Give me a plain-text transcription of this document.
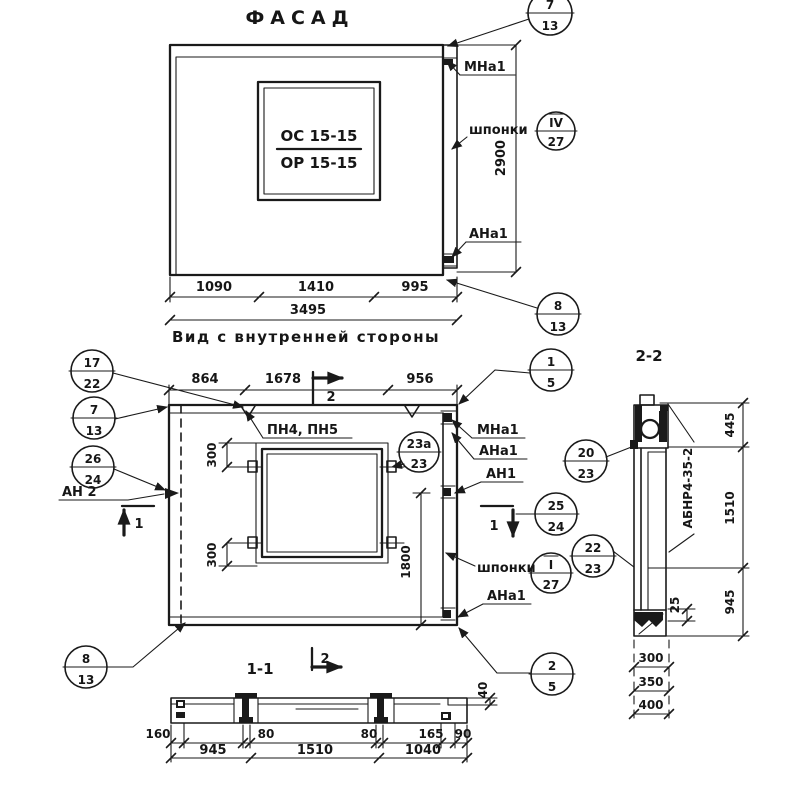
ФАСАД
ОС 15-15
ОР 15-15	2900
МНа1
шпонки IV
27
АНа1
7
13
8
13
1090	1410	995
3495
Вид с внутренней стороны
300
300	1800
864	1678	956
2
2
ПН4, ПН5
23а
23
17
22
7
13
26
24
АН 2
1
5
МНа1
АНа1
АН1
1	1
25
24
шпонки I
27
АНа1
20
23
22
23
2
5
8
13
1-1
40
160	80	80	165 90
945	1510	1040
2-2
25
445
1510
945
АБНР4-35-2
300
350
400
